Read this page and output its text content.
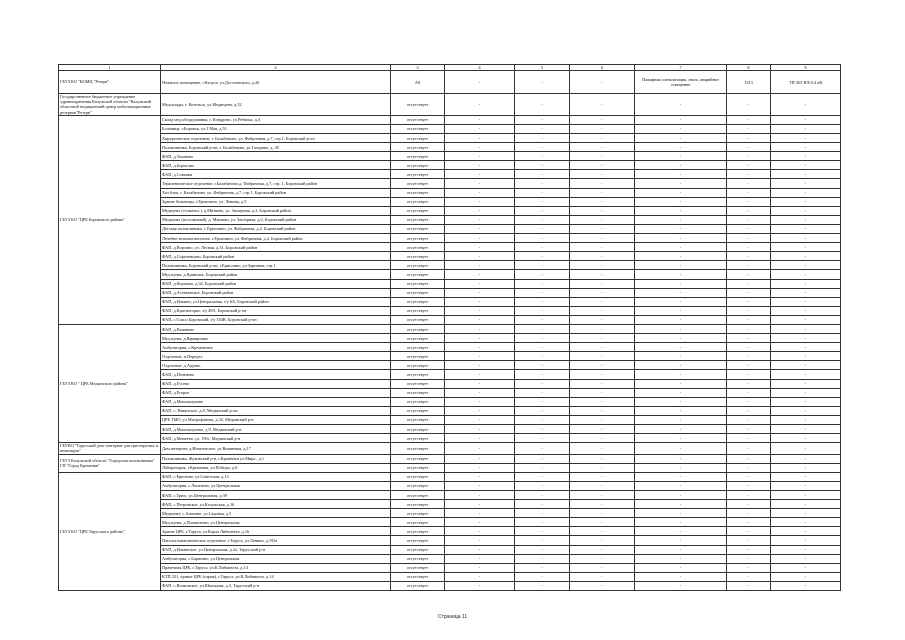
1	2	3	4	5	6	7	8	9
ГБУЗ КО "КОМЦ "Резерв"	Нежилое помещение, г.Калуга, ул.Достоевского, д.26	А8	-	-	-	Пожарная сигнализация, связь, аварийное освещение	1913	ТП-365 ВЛ-0,4 кВ
Государственное бюджетное учреждение здравоохранения Калужской области "Калужский областной медицинский центр мобилизационных резервов"Резерв"	Медсклады, г. Козельск, ул.Медведева, д.52	отсутствует	-	-	-	-	-	-
ГБУЗ КО "ЦРБ Боровского района"	Склад мед.оборудования, г. Кондрово, ул.Ребячья, д.4	отсутствует	-	-	-	-	-	-
	Больница, г.Боровск, ул.1 Мая, д.51	отсутствует	-	-	-	-	-	-
	Хирургическое отделение, г. Балабаново, ул. Фабричная, д.7, стр.1, Боровский р-он	отсутствует	-	-	-	-	-	-
	Поликлиника, Боровский р-он, г. Балабаново, ул.Гагарина, д. 45	отсутствует	-	-	-	-	-	-
	ФАП, д.Тишнево	отсутствует	-	-	-	-	-	-
	ФАП, д.Борисово	отсутствует	-	-	-	-	-	-
	ФАП, д.Совьяки	отсутствует	-	-	-	-	-	-
	Терапевтическое отделение, г.Балабаново,д. Фабричная, д.7, стр. 1, Боровский район	отсутствует	-	-	-	-	-	-
	Хоз.блок, г. Балабаново, ул. Фабричная, д.7, стр.1, Боровский район	отсутствует	-	-	-	-	-	-
	Здание больницы, г.Ермолино, ул. Ленина, д.5	отсутствует	-	-	-	-	-	-
	Медпункт (стоматол.), д.Митяево, ул. Заозерная, д.2, Боровский район	отсутствует	-	-	-	-	-	-
	Медпункт (поселковый), д. Митяево, ул. Заозерная, д.2, Боровский район	отсутствует	-	-	-	-	-	-
	Детская поликлиника, г. Ермолино, ул. Фабричная, д.2, Боровский район	отсутствует	-	-	-	-	-	-
	Лечебно-вспомогательное, г.Ермолино, ул. Фабричная, д.2, Боровский район	отсутствует	-	-	-	-	-	-
	ФАП, д.Ворсино, ул. Лесная, д.31, Боровский район	отсутствует	-	-	-	-	-	-
	ФАП, д.Сороченцево, Боровский район	отсутствует	-	-	-	-	-	-
	Поликлиника, Боровский р-он, г.Ермолино, ул.Заречная, стр.1	отсутствует	-	-	-	-	-	-
	Мед.пункт, д.Кривское, Боровский район	отсутствует	-	-	-	-	-	-
	ФАП, д.Коршево, д.32, Боровский район	отсутствует	-	-	-	-	-	-
	ФАП, д.Асеньевское, Боровский район	отсутствует	-	-	-	-	-	-
	ФАП, д.Ильино, ул.Центральная, з/у 6А, Боровский район	отсутствует	-	-	-	-	-	-
	ФАП, д.Красногорье, з/у 49А, Боровский р-он	отсутствует	-	-	-	-	-	-
	ФАП, с.Спасо Боровский, з/у 354В, Боровский р-он	отсутствует	-	-	-	-	-	-
ГБУЗ КО " ЦРБ Медынского района"	ФАП, д.Романово	отсутствует	-	-	-	-	-	-
	Мед.пункт, д.Варваровка	отсутствует	-	-	-	-	-	-
	Амбулатория, с.Кременское	отсутствует	-	-	-	-	-	-
	Отделение, п.Передел	отсутствует	-	-	-	-	-	-
	Отделение, д.Адуево	отсутствует	-	-	-	-	-	-
	ФАП, д.Печенево	отсутствует	-	-	-	-	-	-
	ФАП, д.Гусево	отсутствует	-	-	-	-	-	-
	ФАП, д.Егорье	отсутствует	-	-	-	-	-	-
	ФАП, д.Михальчуково	отсутствует	-	-	-	-	-	-
	ФАП, с. Никитское, д.8, Медынский р-он	отсутствует	-	-	-	-	-	-
	ЦРБ ТМО, ул.Митрофанова, д.32, Медынский р-н	отсутствует	-	-	-	-	-	-
	ФАП, д.Михальчуково, д.9, Медынский р-н	отсутствует	-	-	-	-	-	-
	ФАП, д.Михеево, ул. 19бс, Медынский р-н	отсутствует	-	-	-	-	-	-
ГБУКО "Тарусский дом- интернат для престарелых и инвалидов"	Дом интернат, д.Игнатовское, ул.Вишневая, д.17	отсутствует	-	-	-	-	-	-
ГБУЗ Калужской области "Городская поликлиника" ГП "Город Кременки"	Поликлиника, Жуковский р-н, г.Кремёнки ул.Мира , д.1	отсутствует	-	-	-	-	-	-
	Лаборатория, г.Кременки, ул.Победы, д.6	отсутствует	-	-	-	-	-	-
ГБУЗ КО "ЦРБ Тарусского района"	ФАП, с.Ерютино, ул.Советская, д.15	отсутствует	-	-	-	-	-	-
	Амбулатория, с.Лопатино, ул.Центральная	отсутствует	-	-	-	-	-	-
	ФАП, с.Трюх, ул.Центральная, д.39	отсутствует	-	-	-	-	-	-
	ФАП, с.Петровское, ул.Калужская, д.16	отсутствует	-	-	-	-	-	-
	Медпункт, с.Алекино, ул.Садовая, д.3	отсутствует	-	-	-	-	-	-
	Мед.пункт, д.Похвиснево, ул.Центральная	отсутствует	-	-	-	-	-	-
	Здание ЦРБ, г.Таруса, ул.Карла Либкнехта, д.16	отсутствует	-	-	-	-	-	-
	Патологоанатомическое отделение, г.Таруса, ул.Ленина, д.192а	отсутствует	-	-	-	-	-	-
	ФАП, д.Ильинское, ул.Центральная, д.2а, Тарусский р-н	отсутствует	-	-	-	-	-	-
	Амбулатория, с.Барятино, ул.Центральная	отсутствует	-	-	-	-	-	-
	Прачечная ЦРБ, г.Таруса, ул.К.Либкнехта, д.14	отсутствует	-	-	-	-	-	-
	КТП 221, здание ЦРБ (гараж), г.Таруса, ул.К.Либкнехта, д.14	отсутствует	-	-	-	-	-	-
	ФАП, с.Волковское, ул.Школьная, д.3, Тарусский р-н	отсутствует	-	-	-	-	-	-
Страница 11
